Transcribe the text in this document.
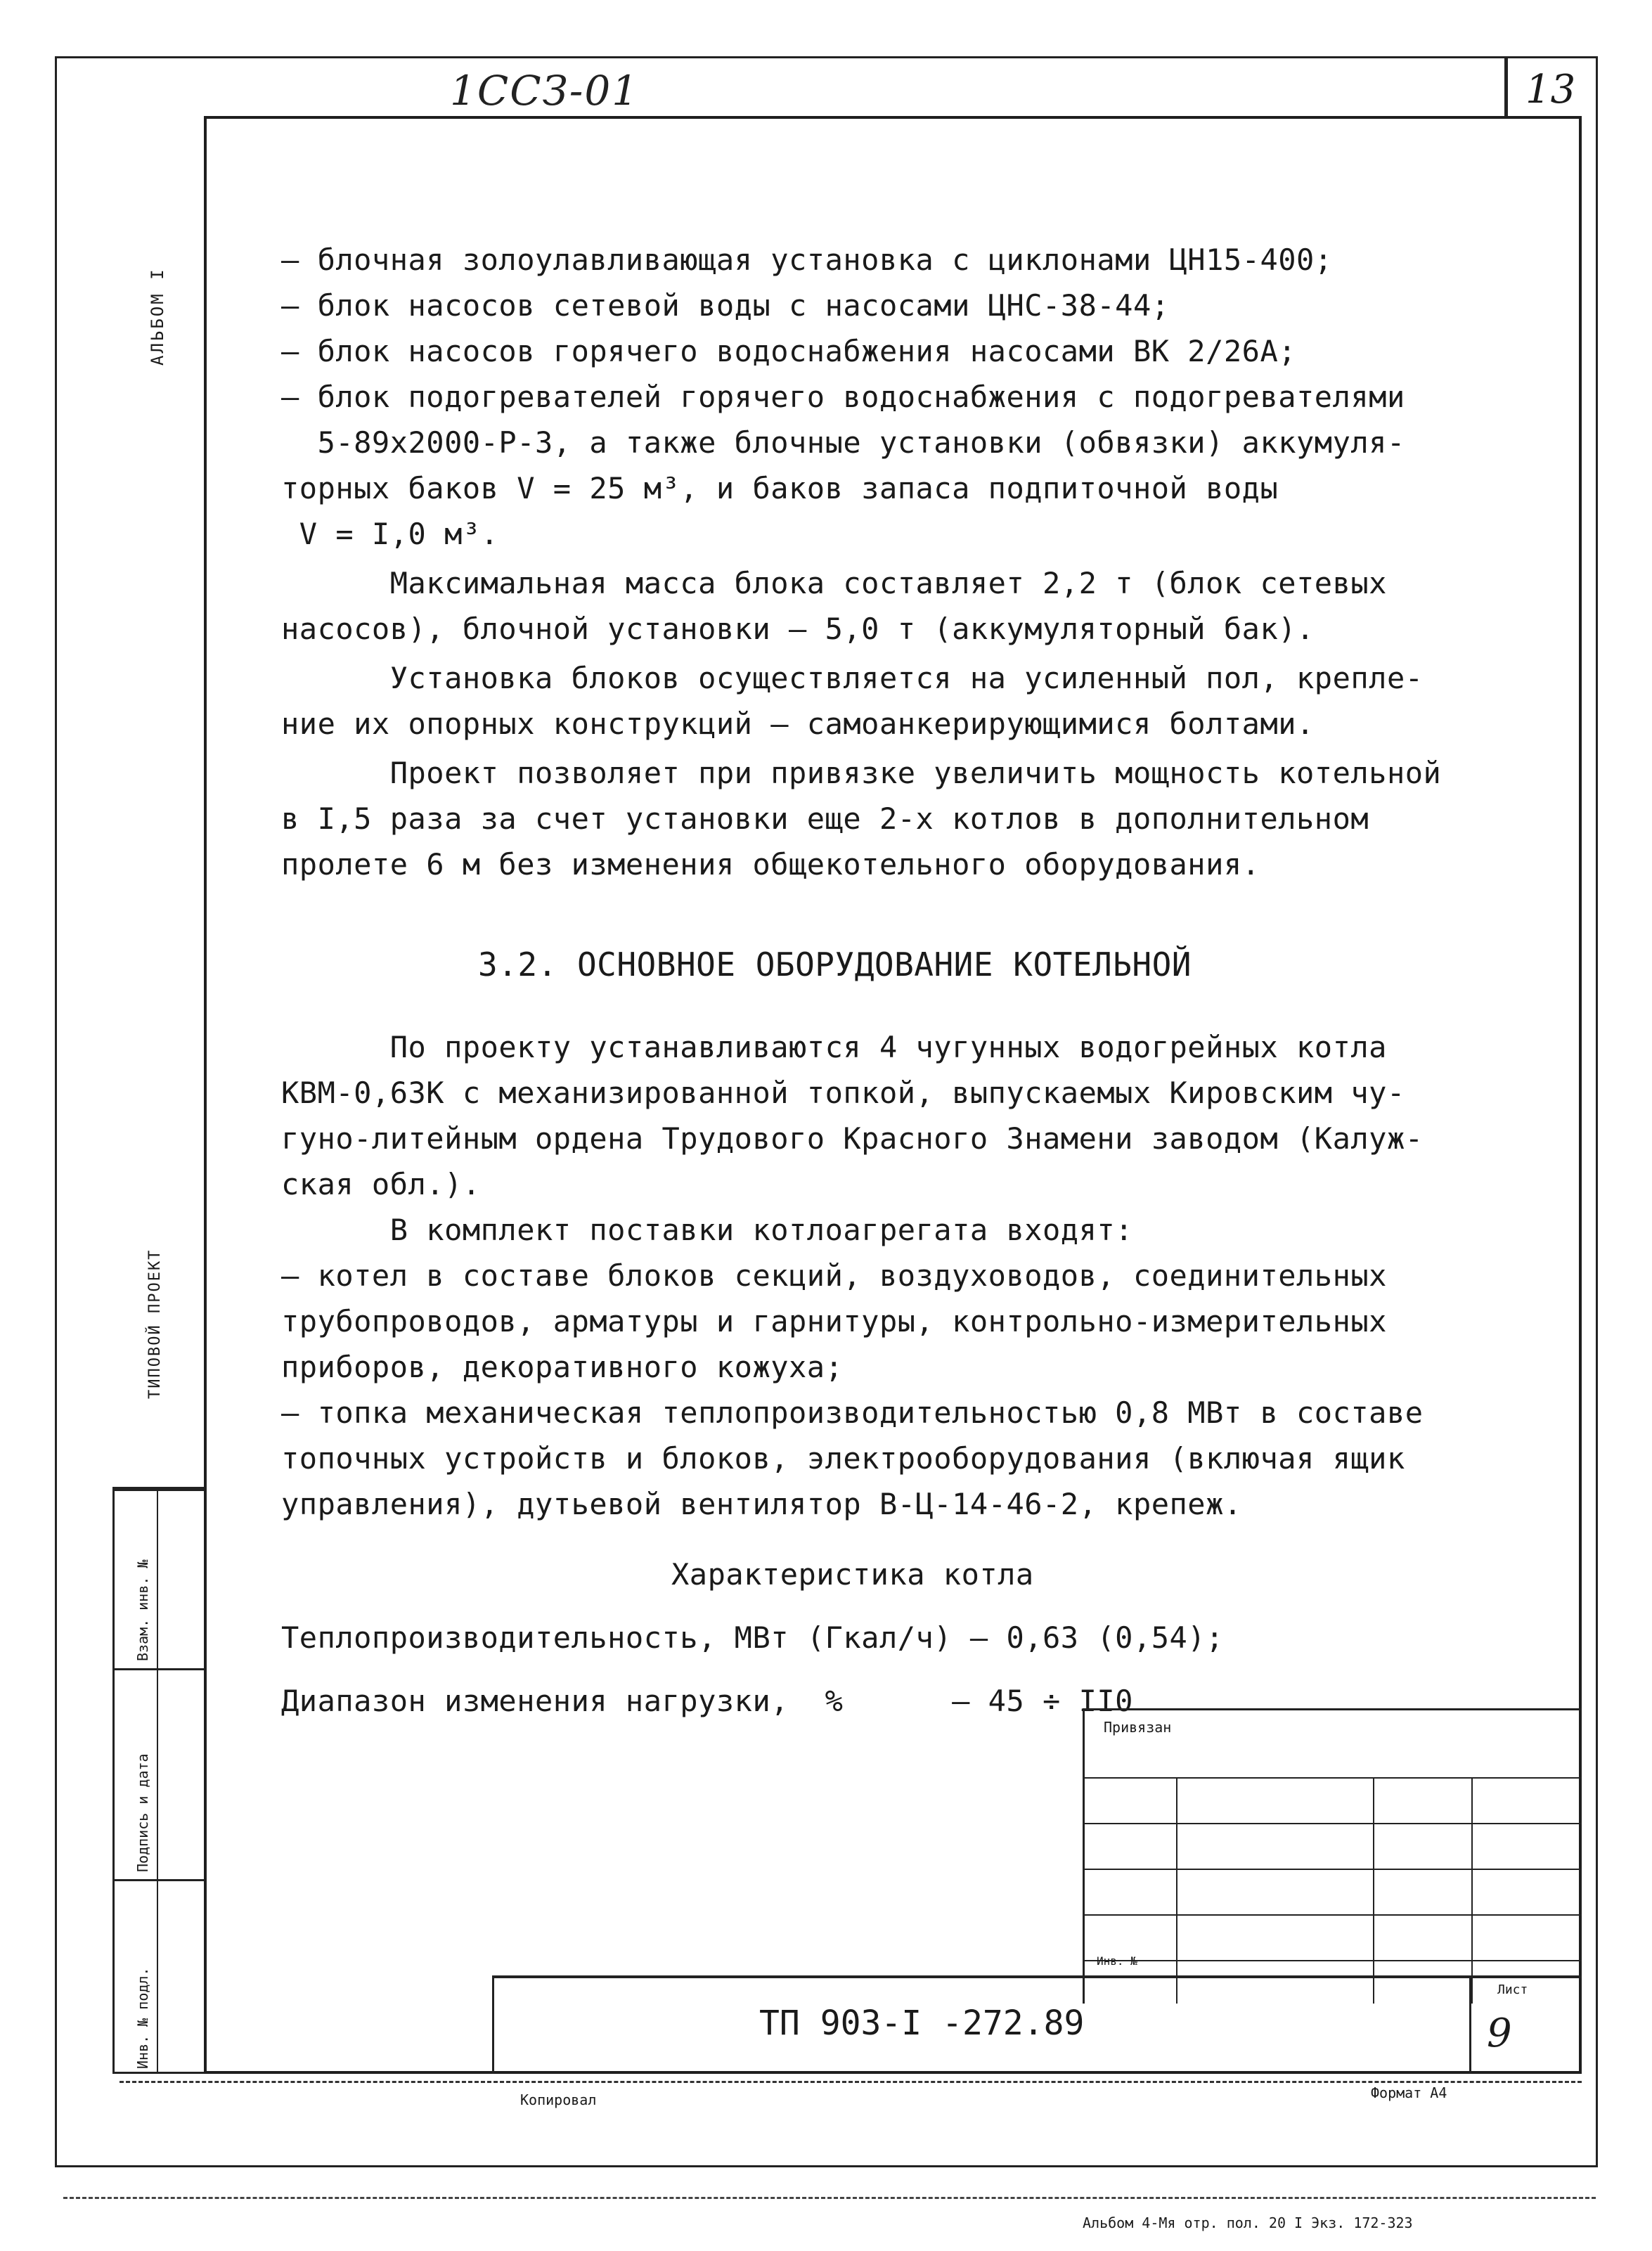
1ССЗ-01	13
АЛЬБОМ I
ТИПОВОЙ ПРОЕКТ
Взам. инв. №
Подпись и дата
Инв. № подл.
– блочная золоулавливающая установка с циклонами ЦН15-400;
– блок насосов сетевой воды с насосами ЦНС-38-44;
– блок насосов горячего водоснабжения насосами ВК 2/26А;
– блок подогревателей горячего водоснабжения с подогревателями
5-89х2000-Р-3, а также блочные установки (обвязки) аккумуля-
торных баков V = 25 м³, и баков запаса подпиточной воды
V = I,0 м³.
Максимальная масса блока составляет 2,2 т (блок сетевых
насосов), блочной установки – 5,0 т (аккумуляторный бак).
Установка блоков осуществляется на усиленный пол, крепле-
ние их опорных конструкций – самоанкерирующимися болтами.
Проект позволяет при привязке увеличить мощность котельной
в I,5 раза за счет установки еще 2-х котлов в дополнительном
пролете 6 м без изменения общекотельного оборудования.
3.2. ОСНОВНОЕ ОБОРУДОВАНИЕ КОТЕЛЬНОЙ
По проекту устанавливаются 4 чугунных водогрейных котла
КВМ-0,63К с механизированной топкой, выпускаемых Кировским чу-
гуно-литейным ордена Трудового Красного Знамени заводом (Калуж-
ская обл.).
В комплект поставки котлоагрегата входят:
– котел в составе блоков секций, воздуховодов, соединительных
трубопроводов, арматуры и гарнитуры, контрольно-измерительных
приборов, декоративного кожуха;
– топка механическая теплопроизводительностью 0,8 МВт в составе
топочных устройств и блоков, электрооборудования (включая ящик
управления), дутьевой вентилятор В-Ц-14-46-2, крепеж.
Характеристика котла
Теплопроизводительность, МВт (Гкал/ч) – 0,63 (0,54);
Диапазон изменения нагрузки,  %      – 45 ÷ II0
Привязан
Инв. №
ТП 903-I -272.89
Лист
9
Копировал	Формат А4
Альбом 4-Мя отр. пол. 20 I Экз. 172-323
